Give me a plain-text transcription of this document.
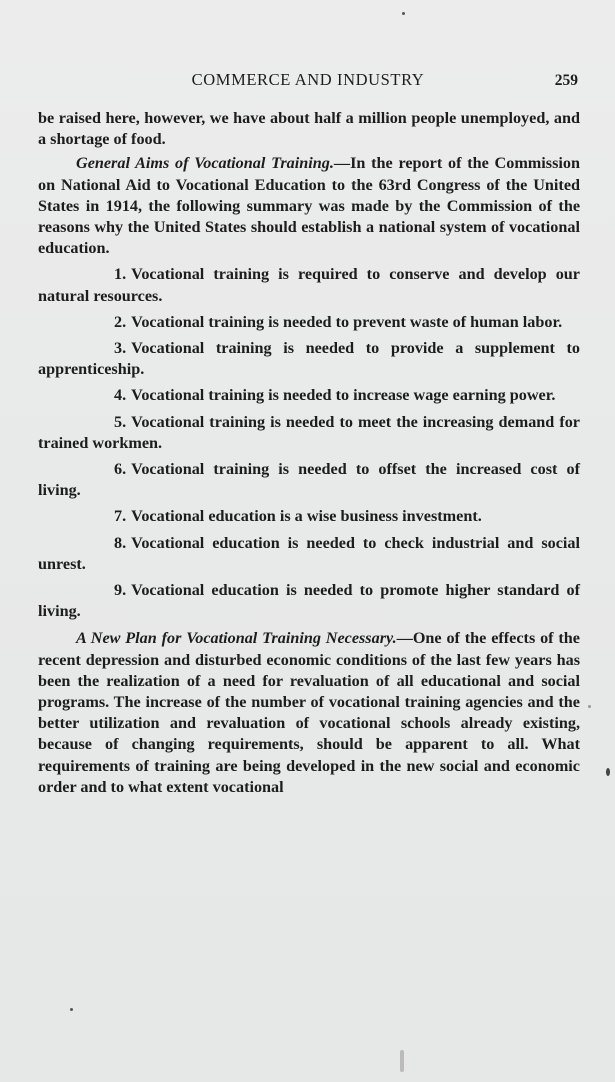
COMMERCE AND INDUSTRY	259

be raised here, however, we have about half a million people unemployed, and a shortage of food.

General Aims of Vocational Training.—In the report of the Commission on National Aid to Vocational Education to the 63rd Congress of the United States in 1914, the following summary was made by the Commission of the reasons why the United States should establish a national system of vocational education.

1. Vocational training is required to conserve and develop our natural resources.

2. Vocational training is needed to prevent waste of human labor.

3. Vocational training is needed to provide a supplement to apprenticeship.

4. Vocational training is needed to increase wage earning power.

5. Vocational training is needed to meet the increasing demand for trained workmen.

6. Vocational training is needed to offset the increased cost of living.

7. Vocational education is a wise business investment.

8. Vocational education is needed to check industrial and social unrest.

9. Vocational education is needed to promote higher standard of living.

A New Plan for Vocational Training Necessary.—One of the effects of the recent depression and disturbed economic conditions of the last few years has been the realization of a need for revaluation of all educational and social programs. The increase of the number of vocational training agencies and the better utilization and revaluation of vocational schools already existing, because of changing requirements, should be apparent to all. What requirements of training are being developed in the new social and economic order and to what extent vocational
